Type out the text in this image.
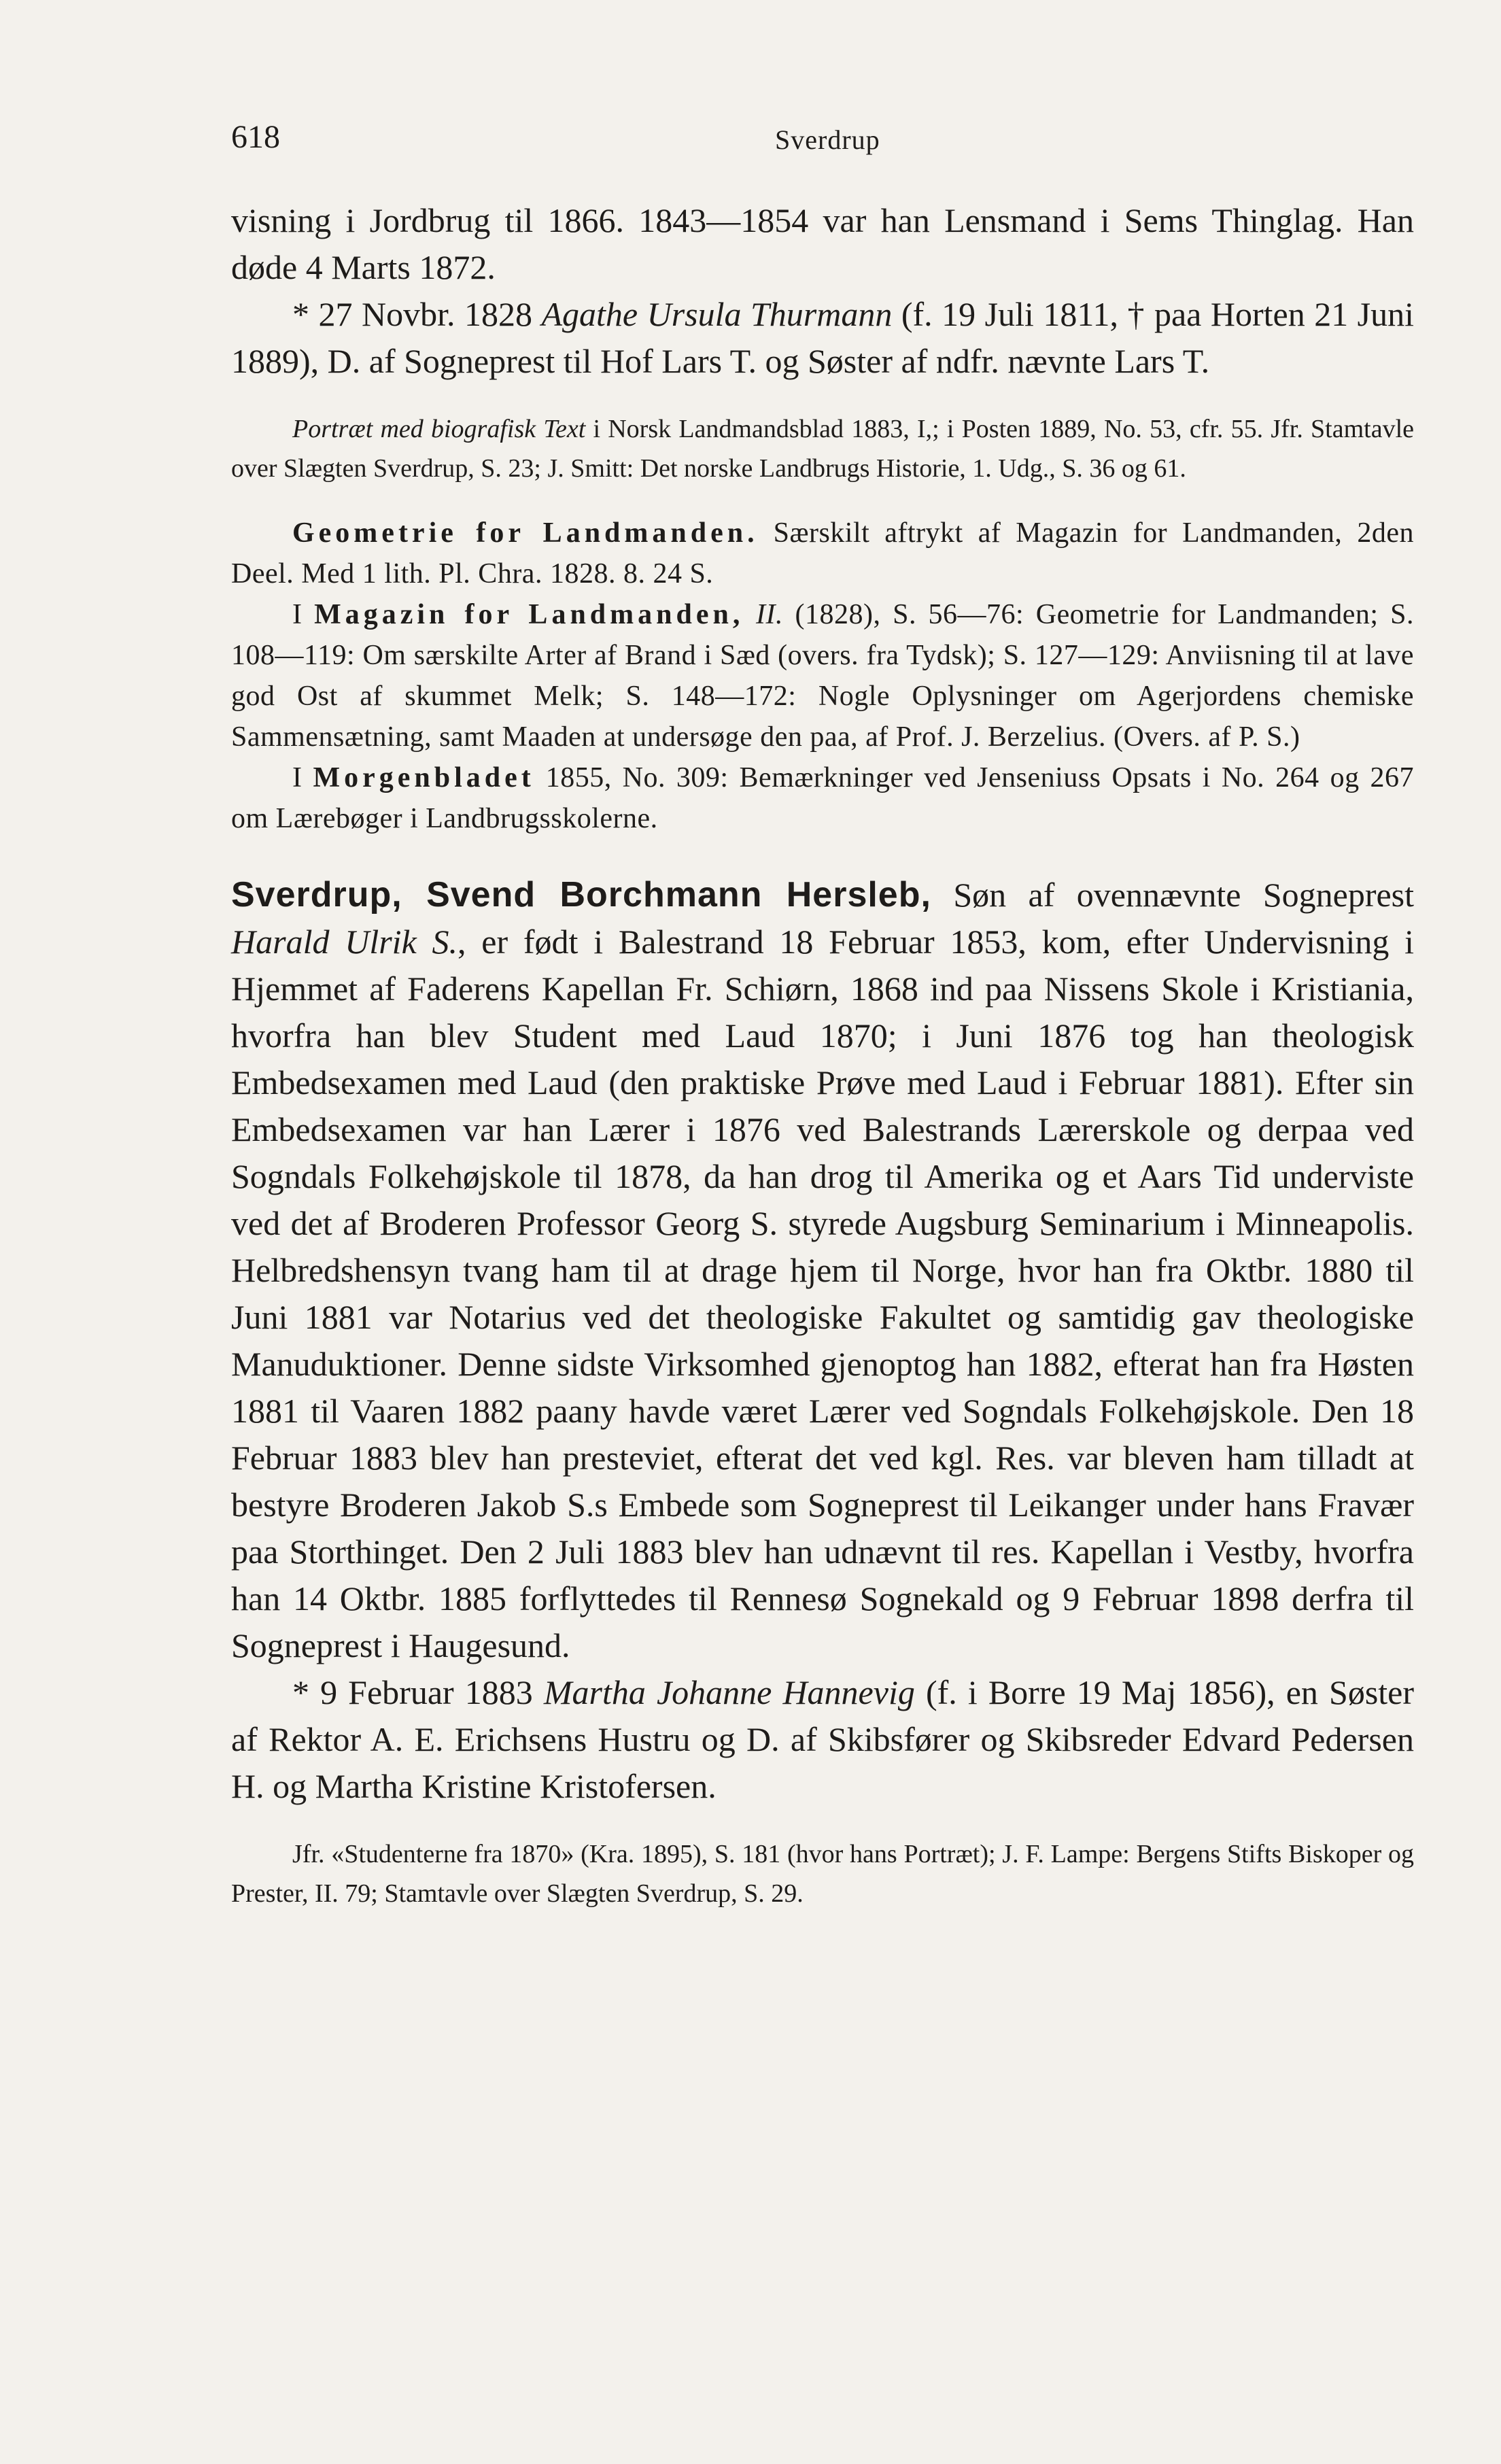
618	Sverdrup

visning i Jordbrug til 1866. 1843—1854 var han Lensmand i Sems Thinglag. Han døde 4 Marts 1872.

* 27 Novbr. 1828 Agathe Ursula Thurmann (f. 19 Juli 1811, † paa Horten 21 Juni 1889), D. af Sogneprest til Hof Lars T. og Søster af ndfr. nævnte Lars T.

Portræt med biografisk Text i Norsk Landmandsblad 1883, I,; i Posten 1889, No. 53, cfr. 55. Jfr. Stamtavle over Slægten Sverdrup, S. 23; J. Smitt: Det norske Landbrugs Historie, 1. Udg., S. 36 og 61.

Geometrie for Landmanden. Særskilt aftrykt af Magazin for Landmanden, 2den Deel. Med 1 lith. Pl. Chra. 1828. 8. 24 S.

I Magazin for Landmanden, II. (1828), S. 56—76: Geometrie for Landmanden; S. 108—119: Om særskilte Arter af Brand i Sæd (overs. fra Tydsk); S. 127—129: Anviisning til at lave god Ost af skummet Melk; S. 148—172: Nogle Oplysninger om Agerjordens chemiske Sammensætning, samt Maaden at undersøge den paa, af Prof. J. Berzelius. (Overs. af P. S.)

I Morgenbladet 1855, No. 309: Bemærkninger ved Jenseniuss Opsats i No. 264 og 267 om Lærebøger i Landbrugsskolerne.

Sverdrup, Svend Borchmann Hersleb, Søn af ovennævnte Sogneprest Harald Ulrik S., er født i Balestrand 18 Februar 1853, kom, efter Undervisning i Hjemmet af Faderens Kapellan Fr. Schiørn, 1868 ind paa Nissens Skole i Kristiania, hvorfra han blev Student med Laud 1870; i Juni 1876 tog han theologisk Embedsexamen med Laud (den praktiske Prøve med Laud i Februar 1881). Efter sin Embedsexamen var han Lærer i 1876 ved Balestrands Lærerskole og derpaa ved Sogndals Folkehøjskole til 1878, da han drog til Amerika og et Aars Tid underviste ved det af Broderen Professor Georg S. styrede Augsburg Seminarium i Minneapolis. Helbredshensyn tvang ham til at drage hjem til Norge, hvor han fra Oktbr. 1880 til Juni 1881 var Notarius ved det theologiske Fakultet og samtidig gav theologiske Manuduktioner. Denne sidste Virksomhed gjenoptog han 1882, efterat han fra Høsten 1881 til Vaaren 1882 paany havde været Lærer ved Sogndals Folkehøjskole. Den 18 Februar 1883 blev han presteviet, efterat det ved kgl. Res. var bleven ham tilladt at bestyre Broderen Jakob S.s Embede som Sogneprest til Leikanger under hans Fravær paa Storthinget. Den 2 Juli 1883 blev han udnævnt til res. Kapellan i Vestby, hvorfra han 14 Oktbr. 1885 forflyttedes til Rennesø Sognekald og 9 Februar 1898 derfra til Sogneprest i Haugesund.

* 9 Februar 1883 Martha Johanne Hannevig (f. i Borre 19 Maj 1856), en Søster af Rektor A. E. Erichsens Hustru og D. af Skibsfører og Skibsreder Edvard Pedersen H. og Martha Kristine Kristofersen.

Jfr. «Studenterne fra 1870» (Kra. 1895), S. 181 (hvor hans Portræt); J. F. Lampe: Bergens Stifts Biskoper og Prester, II. 79; Stamtavle over Slægten Sverdrup, S. 29.
